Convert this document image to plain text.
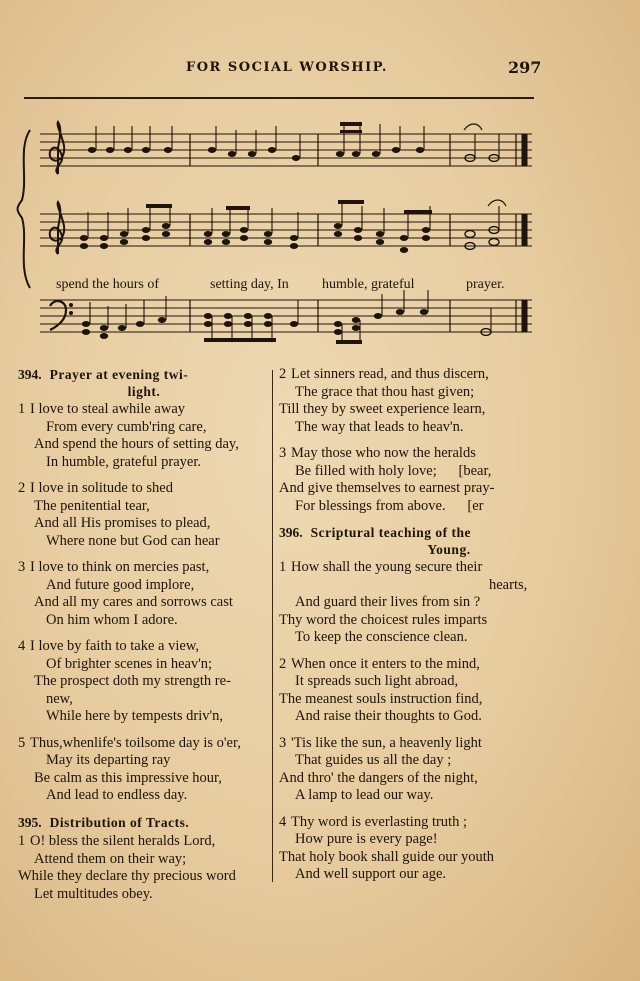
FOR SOCIAL WORSHIP.	297
spend the hours of	setting day, In humble, grateful	prayer.
394. Prayer at evening twi-
light.
1 I love to steal awhile away
From every cumb'ring care,
And spend the hours of setting day,
In humble, grateful prayer.
2 I love in solitude to shed
The penitential tear,
And all His promises to plead,
Where none but God can hear
3 I love to think on mercies past,
And future good implore,
And all my cares and sorrows cast
On him whom I adore.
4 I love by faith to take a view,
Of brighter scenes in heav'n;
The prospect doth my strength re-
new,
While here by tempests driv'n,
5 Thus,whenlife's toilsome day is o'er,
May its departing ray
Be calm as this impressive hour,
And lead to endless day.
395. Distribution of Tracts.
1 O! bless the silent heralds Lord,
Attend them on their way;
While they declare thy precious word
Let multitudes obey.
2 Let sinners read, and thus discern,
The grace that thou hast given;
Till they by sweet experience learn,
The way that leads to heav'n.
3 May those who now the heralds
Be filled with holy love;      [bear,
And give themselves to earnest pray-
For blessings from above.      [er
396. Scriptural teaching of the
Young.
1 How shall the young secure their
hearts,
And guard their lives from sin ?
Thy word the choicest rules imparts
To keep the conscience clean.
2 When once it enters to the mind,
It spreads such light abroad,
The meanest souls instruction find,
And raise their thoughts to God.
3 'Tis like the sun, a heavenly light
That guides us all the day ;
And thro' the dangers of the night,
A lamp to lead our way.
4 Thy word is everlasting truth ;
How pure is every page!
That holy book shall guide our youth
And well support our age.
